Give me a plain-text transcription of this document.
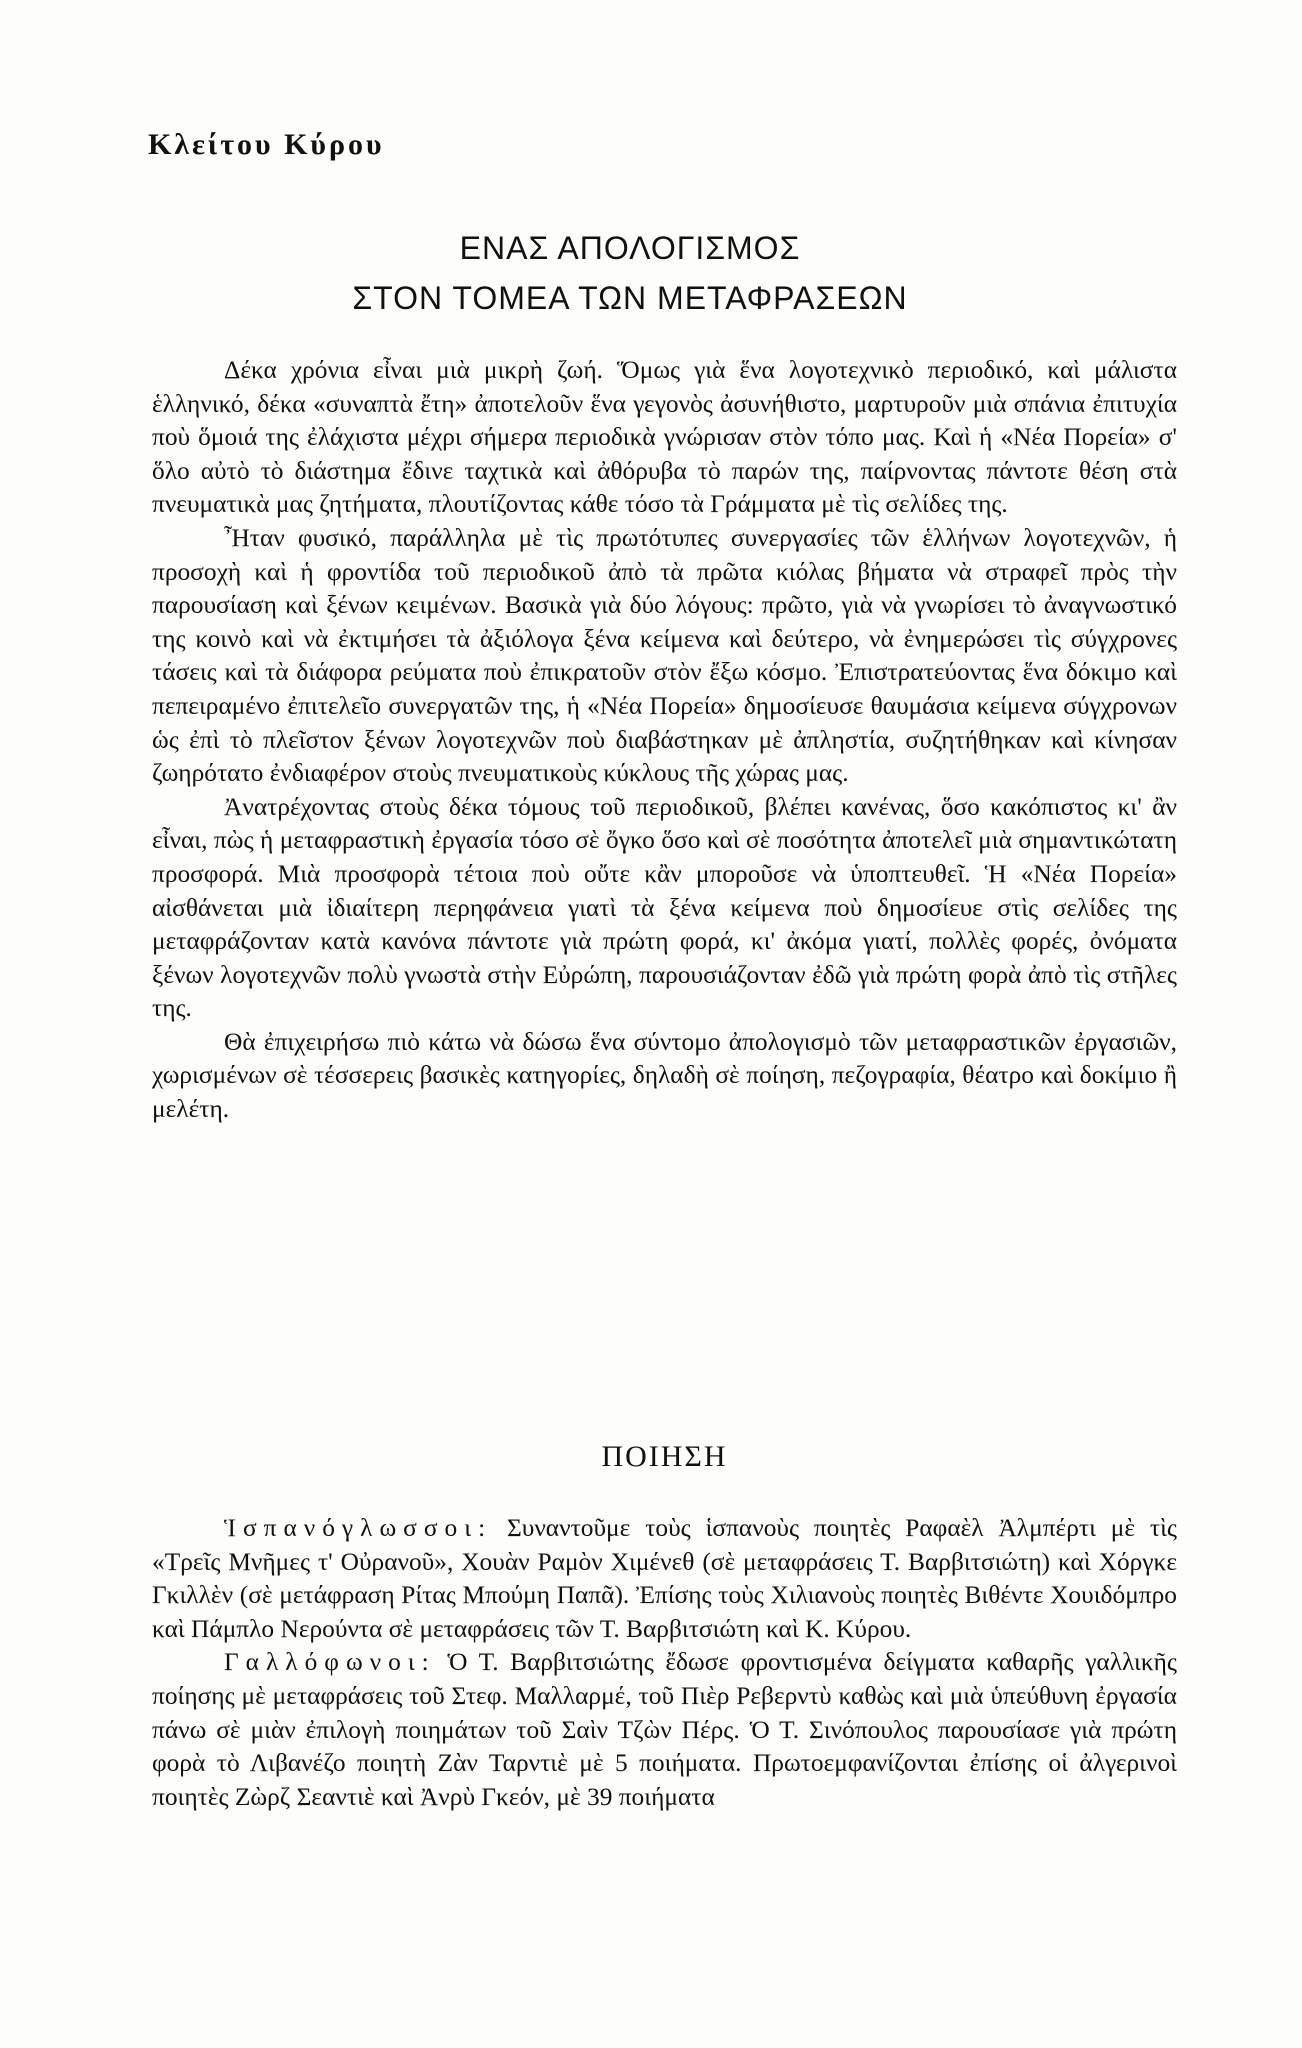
Κλείτου Κύρου
ΕΝΑΣ ΑΠΟΛΟΓΙΣΜΟΣ
ΣΤΟΝ ΤΟΜΕΑ ΤΩΝ ΜΕΤΑΦΡΑΣΕΩΝ

Δέκα χρόνια εἶναι μιὰ μικρὴ ζωή. Ὅμως γιὰ ἕνα λογοτεχνικὸ περιοδικό, καὶ μάλιστα ἑλληνικό, δέκα «συναπτὰ ἔτη» ἀποτελοῦν ἕνα γεγονὸς ἀσυνήθιστο, μαρτυροῦν μιὰ σπάνια ἐπιτυχία ποὺ ὅμοιά της ἐλάχιστα μέχρι σήμερα περιοδικὰ γνώρισαν στὸν τόπο μας. Καὶ ἡ «Νέα Πορεία» σ' ὅλο αὐτὸ τὸ διάστημα ἔδινε ταχτικὰ καὶ ἀθόρυβα τὸ παρών της, παίρνοντας πάντοτε θέση στὰ πνευματικὰ μας ζητήματα, πλουτίζοντας κάθε τόσο τὰ Γράμματα μὲ τὶς σελίδες της.

Ἦταν φυσικό, παράλληλα μὲ τὶς πρωτότυπες συνεργασίες τῶν ἑλλήνων λογοτεχνῶν, ἡ προσοχὴ καὶ ἡ φροντίδα τοῦ περιοδικοῦ ἀπὸ τὰ πρῶτα κιόλας βήματα νὰ στραφεῖ πρὸς τὴν παρουσίαση καὶ ξένων κειμένων. Βασικὰ γιὰ δύο λόγους: πρῶτο, γιὰ νὰ γνωρίσει τὸ ἀναγνωστικό της κοινὸ καὶ νὰ ἐκτιμήσει τὰ ἀξιόλογα ξένα κείμενα καὶ δεύτερο, νὰ ἐνημερώσει τὶς σύγχρονες τάσεις καὶ τὰ διάφορα ρεύματα ποὺ ἐπικρατοῦν στὸν ἔξω κόσμο. Ἐπιστρατεύοντας ἕνα δόκιμο καὶ πεπειραμένο ἐπιτελεῖο συνεργατῶν της, ἡ «Νέα Πορεία» δημοσίευσε θαυμάσια κείμενα σύγχρονων ὡς ἐπὶ τὸ πλεῖστον ξένων λογοτεχνῶν ποὺ διαβάστηκαν μὲ ἀπληστία, συζητήθηκαν καὶ κίνησαν ζωηρότατο ἐνδιαφέρον στοὺς πνευματικοὺς κύκλους τῆς χώρας μας.

Ἀνατρέχοντας στοὺς δέκα τόμους τοῦ περιοδικοῦ, βλέπει κανένας, ὅσο κακόπιστος κι' ἂν εἶναι, πὼς ἡ μεταφραστικὴ ἐργασία τόσο σὲ ὄγκο ὅσο καὶ σὲ ποσότητα ἀποτελεῖ μιὰ σημαντικώτατη προσφορά. Μιὰ προσφορὰ τέτοια ποὺ οὔτε κἂν μποροῦσε νὰ ὑποπτευθεῖ. Ἡ «Νέα Πορεία» αἰσθάνεται μιὰ ἰδιαίτερη περηφάνεια γιατὶ τὰ ξένα κείμενα ποὺ δημοσίευε στὶς σελίδες της μεταφράζονταν κατὰ κανόνα πάντοτε γιὰ πρώτη φορά, κι' ἀκόμα γιατί, πολλὲς φορές, ὀνόματα ξένων λογοτεχνῶν πολὺ γνωστὰ στὴν Εὐρώπη, παρουσιάζονταν ἐδῶ γιὰ πρώτη φορὰ ἀπὸ τὶς στῆλες της.

Θὰ ἐπιχειρήσω πιὸ κάτω νὰ δώσω ἕνα σύντομο ἀπολογισμὸ τῶν μεταφραστικῶν ἐργασιῶν, χωρισμένων σὲ τέσσερεις βασικὲς κατηγορίες, δηλαδὴ σὲ ποίηση, πεζογραφία, θέατρο καὶ δοκίμιο ἢ μελέτη.

ΠΟΙΗΣΗ

Ἱσπανόγλωσσοι: Συναντοῦμε τοὺς ἱσπανοὺς ποιητὲς Ραφαὲλ Ἀλμπέρτι μὲ τὶς «Τρεῖς Μνῆμες τ' Οὐρανοῦ», Χουὰν Ραμὸν Χιμένεθ (σὲ μεταφράσεις Τ. Βαρβιτσιώτη) καὶ Χόργκε Γκιλλὲν (σὲ μετάφραση Ρίτας Μπούμη Παπᾶ). Ἐπίσης τοὺς Χιλιανοὺς ποιητὲς Βιθέντε Χουιδόμπρο καὶ Πάμπλο Νερούντα σὲ μεταφράσεις τῶν Τ. Βαρβιτσιώτη καὶ Κ. Κύρου.

Γαλλόφωνοι: Ὁ Τ. Βαρβιτσιώτης ἔδωσε φροντισμένα δείγματα καθαρῆς γαλλικῆς ποίησης μὲ μεταφράσεις τοῦ Στεφ. Μαλλαρμέ, τοῦ Πιὲρ Ρεβερντὺ καθὼς καὶ μιὰ ὑπεύθυνη ἐργασία πάνω σὲ μιὰν ἐπιλογὴ ποιημάτων τοῦ Σαὶν Τζὼν Πέρς. Ὁ Τ. Σινόπουλος παρουσίασε γιὰ πρώτη φορὰ τὸ Λιβανέζο ποιητὴ Ζὰν Ταρντιὲ μὲ 5 ποιήματα. Πρωτοεμφανίζονται ἐπίσης οἱ ἀλγερινοὶ ποιητὲς Ζὼρζ Σεαντιὲ καὶ Ἀνρὺ Γκεόν, μὲ 39 ποιήματα
